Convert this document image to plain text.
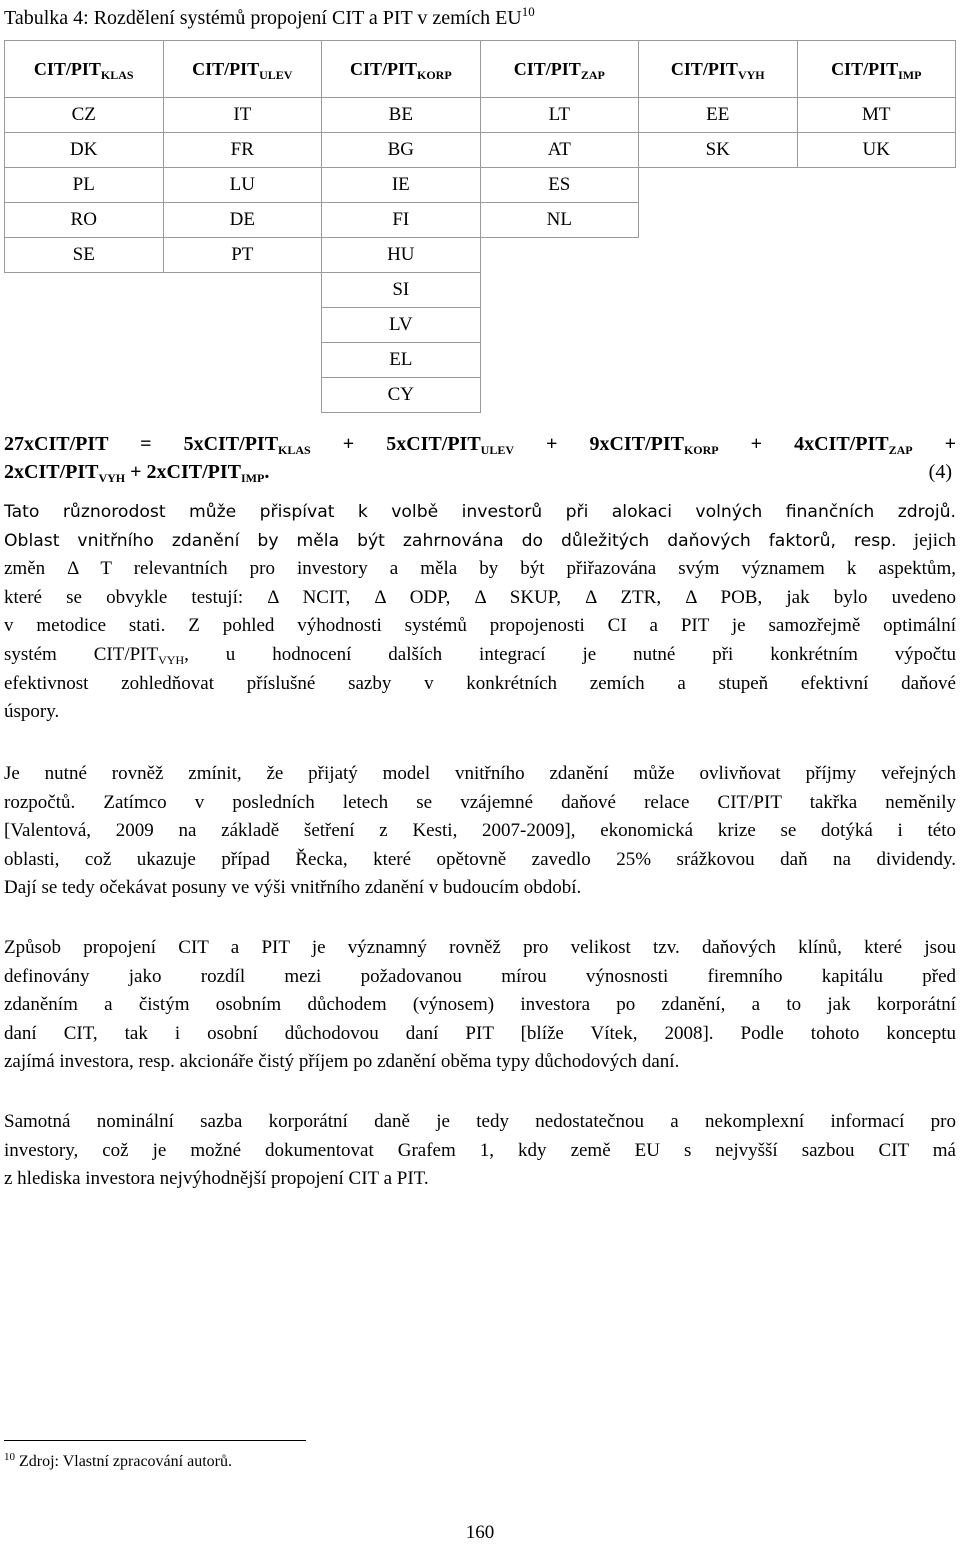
Tabulka 4: Rozdělení systémů propojení CIT a PIT v zemích EU$^{10}$
CIT/$PIT_{KLAS}$	CIT/$PIT_{ULEV}$	CIT/$PIT_{KORP}$	CIT/$PIT_{ZAP}$	CIT/$PIT_{VYH}$	CIT/$PIT_{IMP}$
CZ	IT	BE	LT	EE	MT
DK	FR	BG	AT	SK	UK
PL	LU	IE	ES		
RO	DE	FI	NL		
SE	PT	HU			
		SI			
		LV			
		EL			
		CY			
27xCIT/PIT = $5xCIT/PIT_{KLAS}$ + $5xCIT/PIT_{ULEV}$ + $9xCIT/PIT_{KORP}$ + $4xCIT/PIT_{ZAP}$ +
$2xCIT/PIT_{VYH}$ + $2xCIT/PIT_{IMP}$.	(4)
Tato různorodost může přispívat k volbě investorů při alokaci volných finančních zdrojů.
Oblast vnitřního zdanění by měla být zahrnována do důležitých daňových faktorů, resp. jejich
změn Δ T relevantních pro investory a měla by být přiřazována svým významem k aspektům,
které se obvykle testují: Δ NCIT, Δ ODP, Δ SKUP, Δ ZTR, Δ POB, jak bylo uvedeno
v metodice stati. Z pohled výhodnosti systémů propojenosti CI a PIT je samozřejmě optimální
systém CIT/$PIT_{VYH}$, u hodnocení dalších integrací je nutné při konkrétním výpočtu
efektivnost zohledňovat příslušné sazby v konkrétních zemích a stupeň efektivní daňové
úspory.
Je nutné rovněž zmínit, že přijatý model vnitřního zdanění může ovlivňovat příjmy veřejných
rozpočtů. Zatímco v posledních letech se vzájemné daňové relace CIT/PIT takřka neměnily
[Valentová, 2009 na základě šetření z Kesti, 2007-2009], ekonomická krize se dotýká i této
oblasti, což ukazuje případ Řecka, které opětovně zavedlo 25% srážkovou daň na dividendy.
Dají se tedy očekávat posuny ve výši vnitřního zdanění v budoucím období.
Způsob propojení CIT a PIT je významný rovněž pro velikost tzv. daňových klínů, které jsou
definovány jako rozdíl mezi požadovanou mírou výnosnosti firemního kapitálu před
zdaněním a čistým osobním důchodem (výnosem) investora po zdanění, a to jak korporátní
daní CIT, tak i osobní důchodovou daní PIT [blíže Vítek, 2008]. Podle tohoto konceptu
zajímá investora, resp. akcionáře čistý příjem po zdanění oběma typy důchodových daní.
Samotná nominální sazba korporátní daně je tedy nedostatečnou a nekomplexní informací pro
investory, což je možné dokumentovat Grafem 1, kdy země EU s nejvyšší sazbou CIT má
z hlediska investora nejvýhodnější propojení CIT a PIT.
$^{10}$ Zdroj: Vlastní zpracování autorů.
160
